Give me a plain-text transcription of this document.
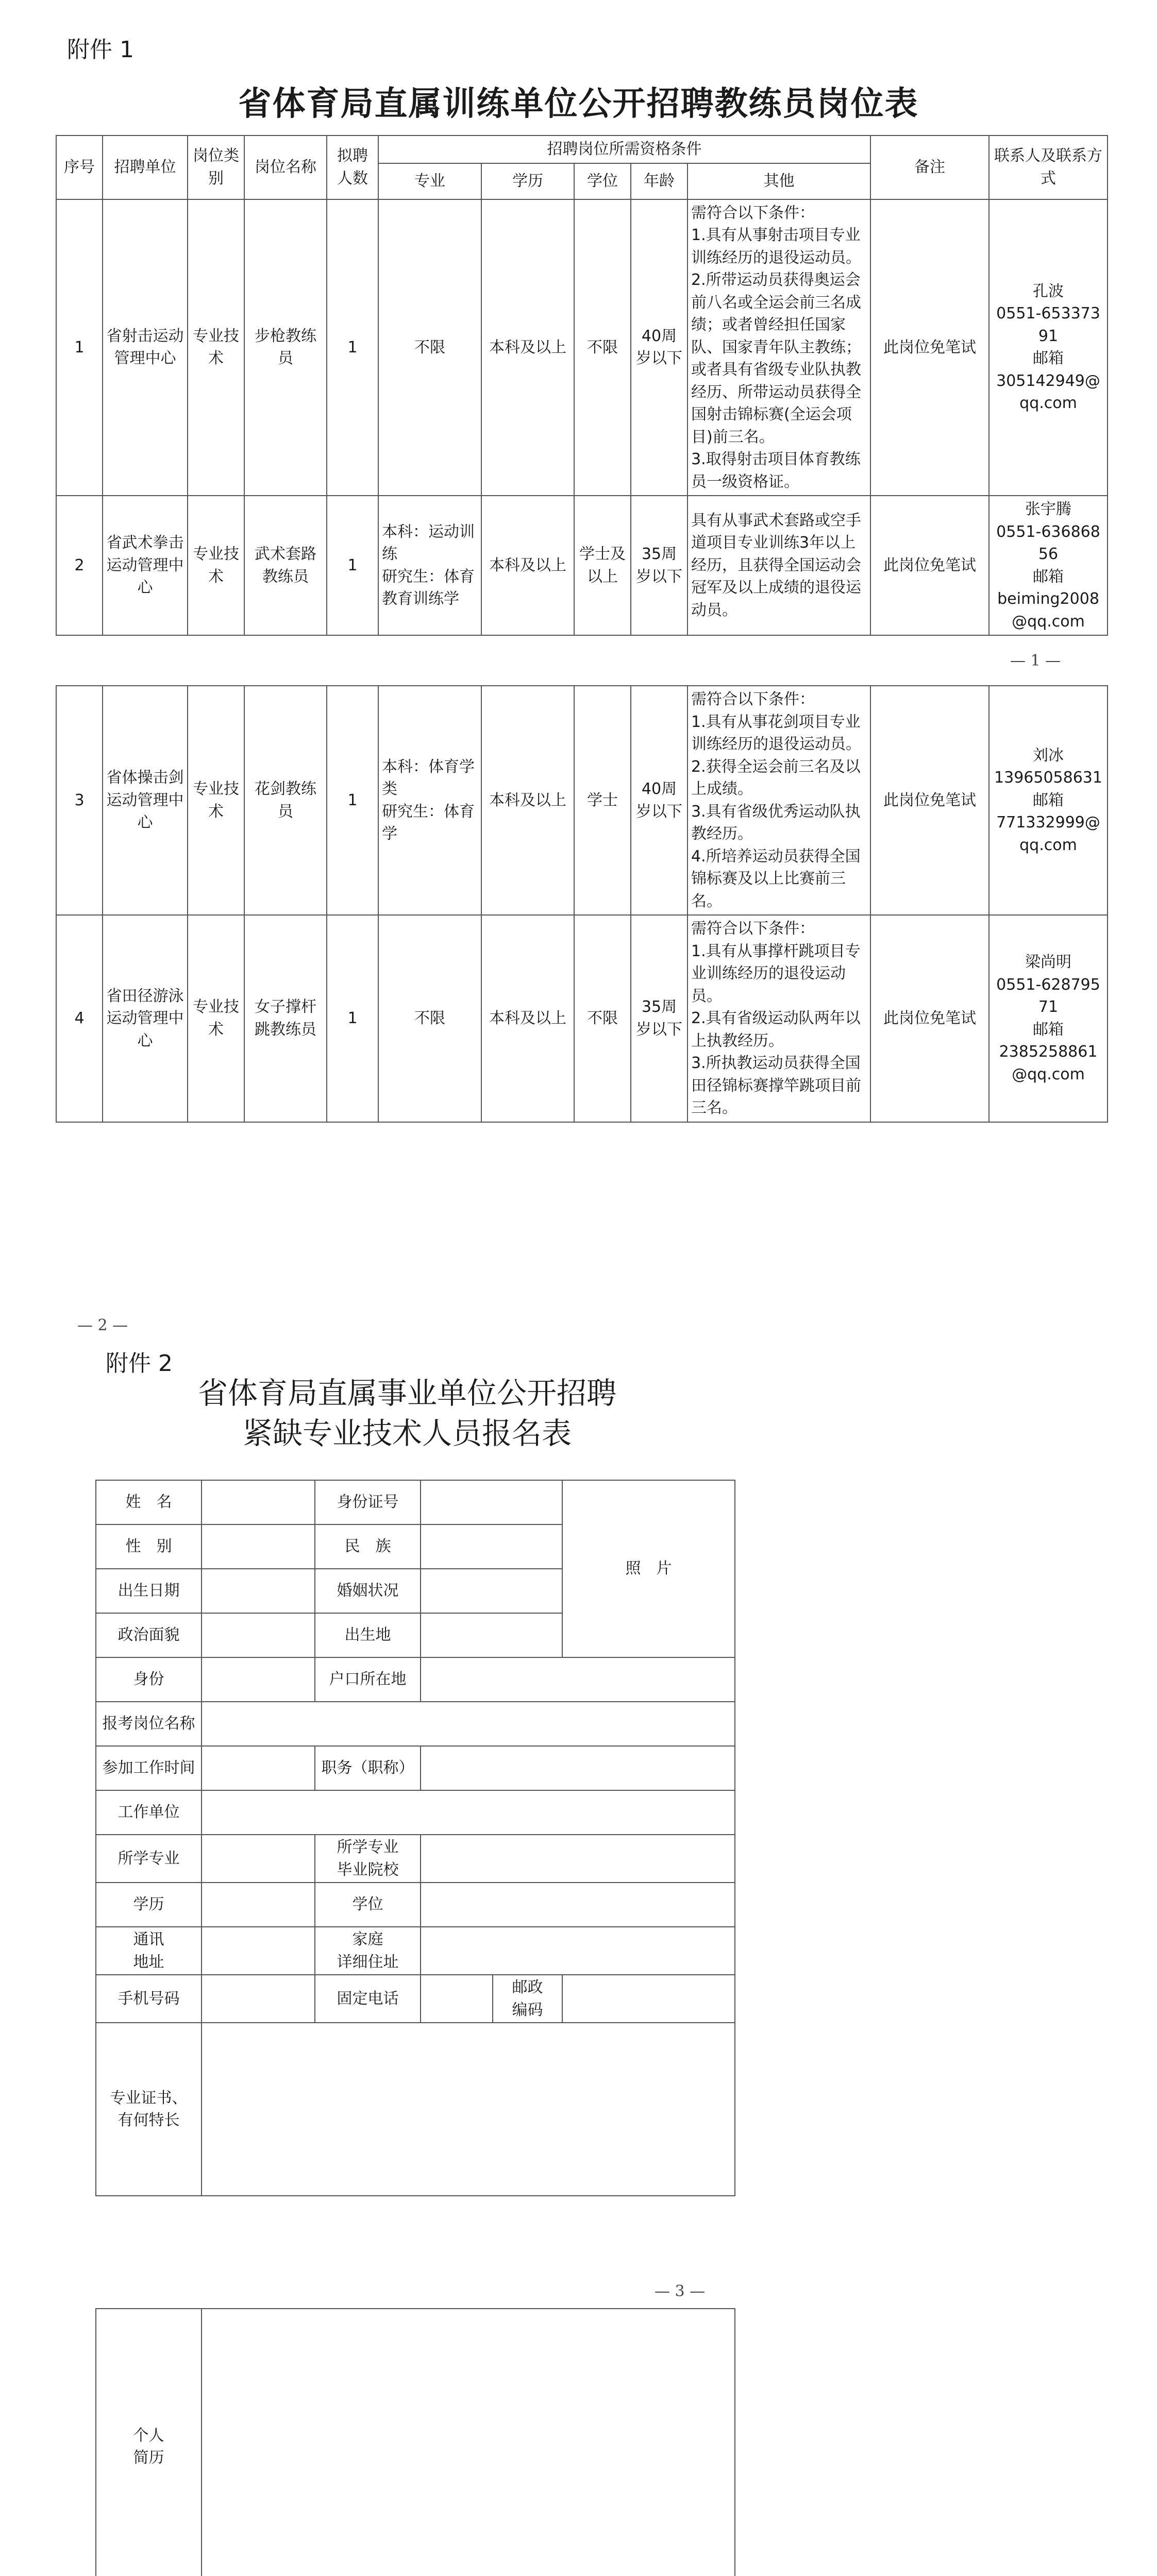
附件 1
省体育局直属训练单位公开招聘教练员岗位表
序号	招聘单位	岗位类别	岗位名称	拟聘人数	招聘岗位所需资格条件					备注	联系人及联系方式
					专业	学历	学位	年龄	其他		
1	省射击运动管理中心	专业技术	步枪教练员	1	不限	本科及以上	不限	40周岁以下	需符合以下条件：
1.具有从事射击项目专业训练经历的退役运动员。
2.所带运动员获得奥运会前八名或全运会前三名成绩；或者曾经担任国家队、国家青年队主教练；或者具有省级专业队执教经历、所带运动员获得全国射击锦标赛(全运会项目)前三名。
3.取得射击项目体育教练员一级资格证。	此岗位免笔试	孔波
0551-65337391
邮箱
305142949@qq.com
2	省武术拳击运动管理中心	专业技术	武术套路教练员	1	本科：运动训练
研究生：体育教育训练学	本科及以上	学士及以上	35周岁以下	具有从事武术套路或空手道项目专业训练3年以上经历，且获得全国运动会冠军及以上成绩的退役运动员。	此岗位免笔试	张宇腾
0551-63686856
邮箱
beiming2008@qq.com
— 1 —
3	省体操击剑运动管理中心	专业技术	花剑教练员	1	本科：体育学类
研究生：体育学	本科及以上	学士	40周岁以下	需符合以下条件：
1.具有从事花剑项目专业训练经历的退役运动员。
2.获得全运会前三名及以上成绩。
3.具有省级优秀运动队执教经历。
4.所培养运动员获得全国锦标赛及以上比赛前三名。	此岗位免笔试	刘冰
13965058631
邮箱
771332999@qq.com
4	省田径游泳运动管理中心	专业技术	女子撑杆跳教练员	1	不限	本科及以上	不限	35周岁以下	需符合以下条件：
1.具有从事撑杆跳项目专业训练经历的退役运动员。
2.具有省级运动队两年以上执教经历。
3.所执教运动员获得全国田径锦标赛撑竿跳项目前三名。	此岗位免笔试	梁尚明
0551-62879571
邮箱
2385258861@qq.com
— 2 —
附件 2
省体育局直属事业单位公开招聘
紧缺专业技术人员报名表
姓　名		身份证号			照　片
性　别		民　族			
出生日期		婚姻状况			
政治面貌		出生地			
身份		户口所在地			
报考岗位名称					
参加工作时间		职务（职称）			
工作单位					
所学专业		所学专业
毕业院校			
学历		学位			
通讯
地址		家庭
详细住址			
手机号码		固定电话		邮政
编码	
专业证书、
有何特长					
— 3 —
个人
简历	
